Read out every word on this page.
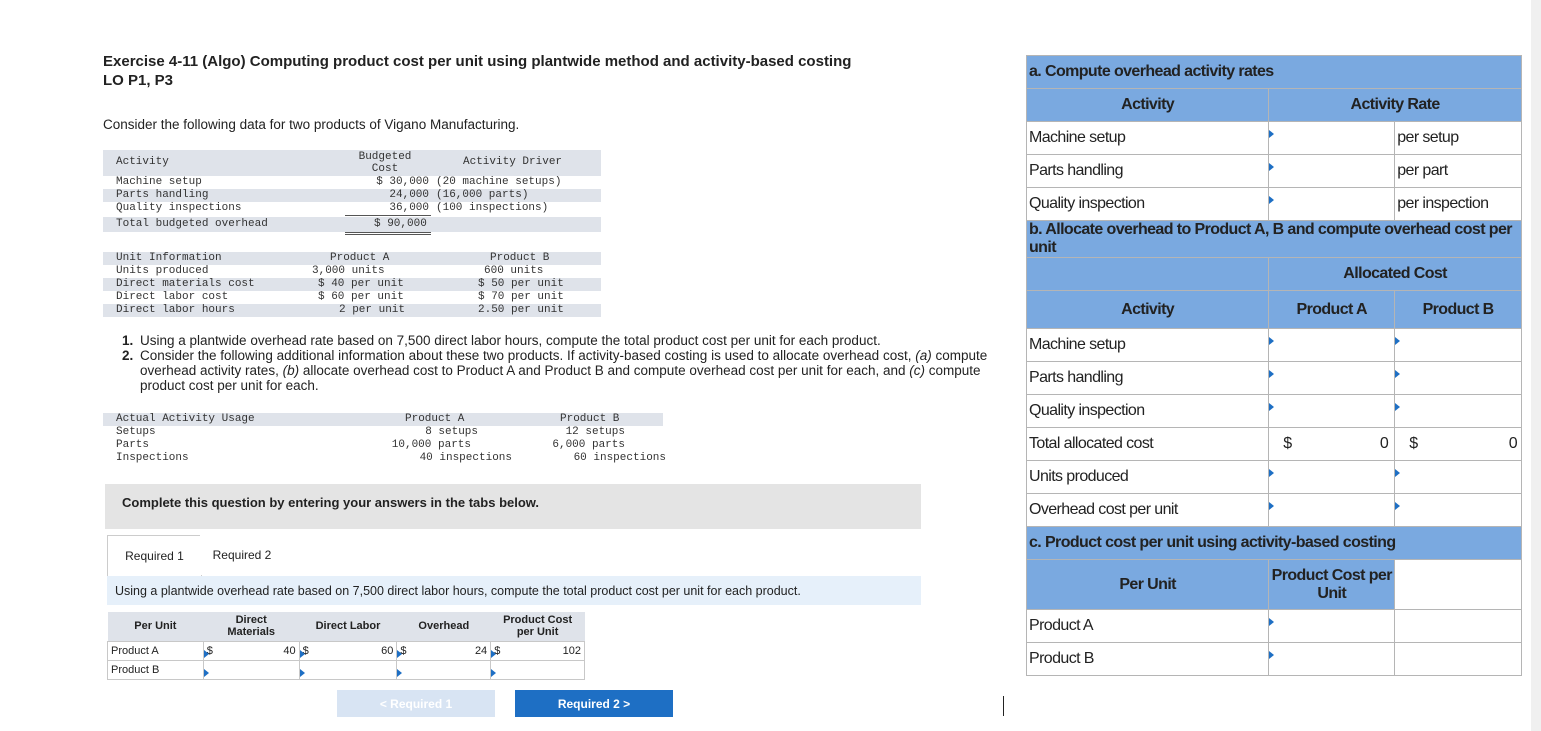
Exercise 4-11 (Algo) Computing product cost per unit using plantwide method and activity-based costing
LO P1, P3
Consider the following data for two products of Vigano Manufacturing.
Activity	Budgeted
Cost
Activity Driver
Machine setup	$ 30,000 (20 machine setups)
Parts handling	24,000 (16,000 parts)
Quality inspections	36,000 (100 inspections)
Total budgeted overhead	$ 90,000
Unit Information	Product A	Product B
Units produced	3,000 units	600 units
Direct materials cost	$ 40 per unit	$ 50 per unit
Direct labor cost	$ 60 per unit	$ 70 per unit
Direct labor hours	2 per unit	2.50 per unit
1. Using a plantwide overhead rate based on 7,500 direct labor hours, compute the total product cost per unit for each product.
2. Consider the following additional information about these two products. If activity-based costing is used to allocate overhead cost, (a) compute overhead activity rates, (b) allocate overhead cost to Product A and Product B and compute overhead cost per unit for each, and (c) compute product cost per unit for each.
Actual Activity Usage	Product A	Product B
Setups	8 setups	12 setups
Parts	10,000 parts	6,000 parts
Inspections	40 inspections	60 inspections
Complete this question by entering your answers in the tabs below.
Required 1	Required 2
Using a plantwide overhead rate based on 7,500 direct labor hours, compute the total product cost per unit for each product.
Per Unit	Direct
Materials	Direct Labor	Overhead	Product Cost
per Unit
Product A	$ 40	$ 60	$ 24	$ 102

Product B				
< Required 1	Required 2 >
a. Compute overhead activity rates		
Activity	Activity Rate	
Machine setup		per setup
Parts handling		per part
Quality inspection		per inspection
b. Allocate overhead to Product A, B and compute overhead cost per unit		
	Allocated Cost	
Activity	Product A	Product B
Machine setup		
Parts handling		
Quality inspection		
Total allocated cost	$ 0	$ 0

Units produced		
Overhead cost per unit		
c. Product cost per unit using activity-based costing		
Per Unit	Product Cost per
Unit	
Product A		
Product B		
